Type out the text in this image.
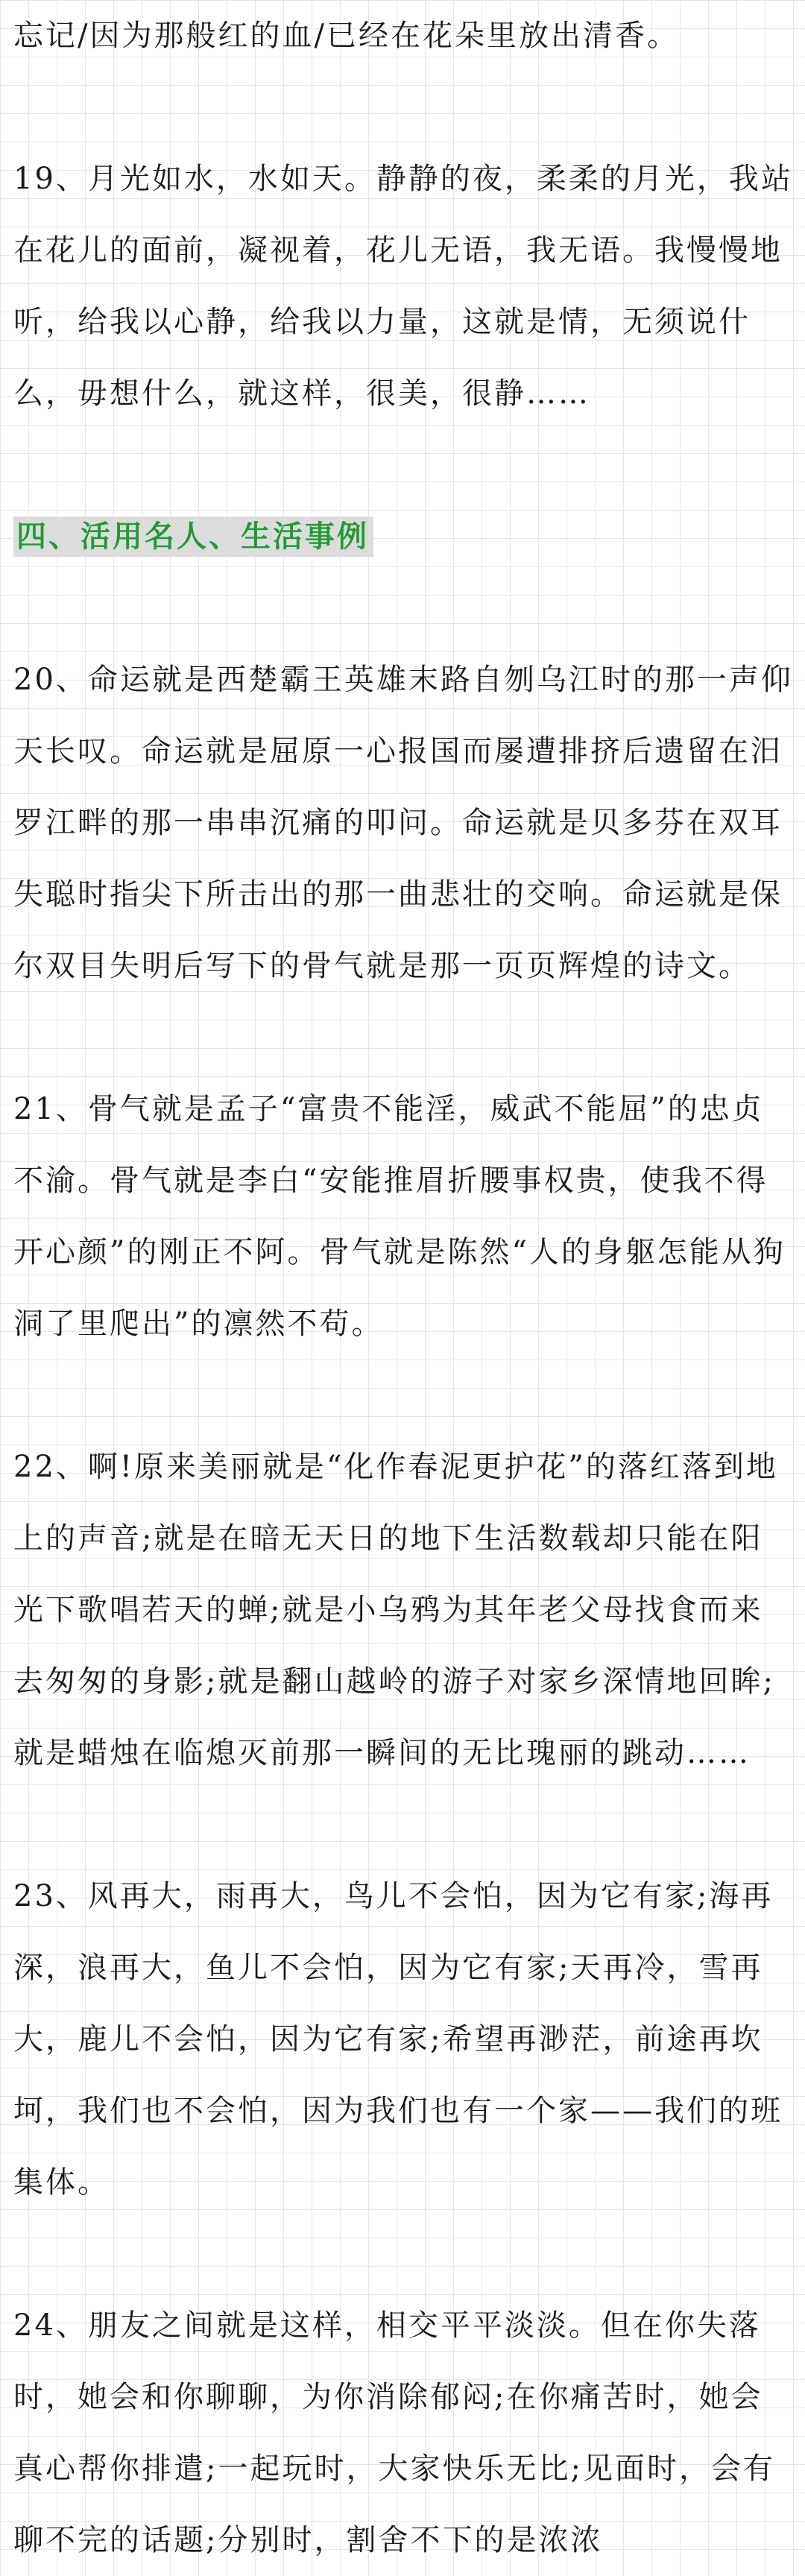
忘记/因为那般红的血/已经在花朵里放出清香。

19、月光如水，水如天。静静的夜，柔柔的月光，我站在花儿的面前，凝视着，花儿无语，我无语。我慢慢地听，给我以心静，给我以力量，这就是情，无须说什么，毋想什么，就这样，很美，很静……

四、活用名人、生活事例

20、命运就是西楚霸王英雄末路自刎乌江时的那一声仰天长叹。命运就是屈原一心报国而屡遭排挤后遗留在汨罗江畔的那一串串沉痛的叩问。命运就是贝多芬在双耳失聪时指尖下所击出的那一曲悲壮的交响。命运就是保尔双目失明后写下的骨气就是那一页页辉煌的诗文。

21、骨气就是孟子“富贵不能淫，威武不能屈”的忠贞不渝。骨气就是李白“安能推眉折腰事权贵，使我不得开心颜”的刚正不阿。骨气就是陈然“人的身躯怎能从狗洞了里爬出”的凛然不苟。

22、啊!原来美丽就是“化作春泥更护花”的落红落到地上的声音;就是在暗无天日的地下生活数载却只能在阳光下歌唱若天的蝉;就是小乌鸦为其年老父母找食而来去匆匆的身影;就是翻山越岭的游子对家乡深情地回眸;就是蜡烛在临熄灭前那一瞬间的无比瑰丽的跳动……

23、风再大，雨再大，鸟儿不会怕，因为它有家;海再深，浪再大，鱼儿不会怕，因为它有家;天再冷，雪再大，鹿儿不会怕，因为它有家;希望再渺茫，前途再坎坷，我们也不会怕，因为我们也有一个家——我们的班集体。

24、朋友之间就是这样，相交平平淡淡。但在你失落时，她会和你聊聊，为你消除郁闷;在你痛苦时，她会真心帮你排遣;一起玩时，大家快乐无比;见面时，会有聊不完的话题;分别时，割舍不下的是浓浓
